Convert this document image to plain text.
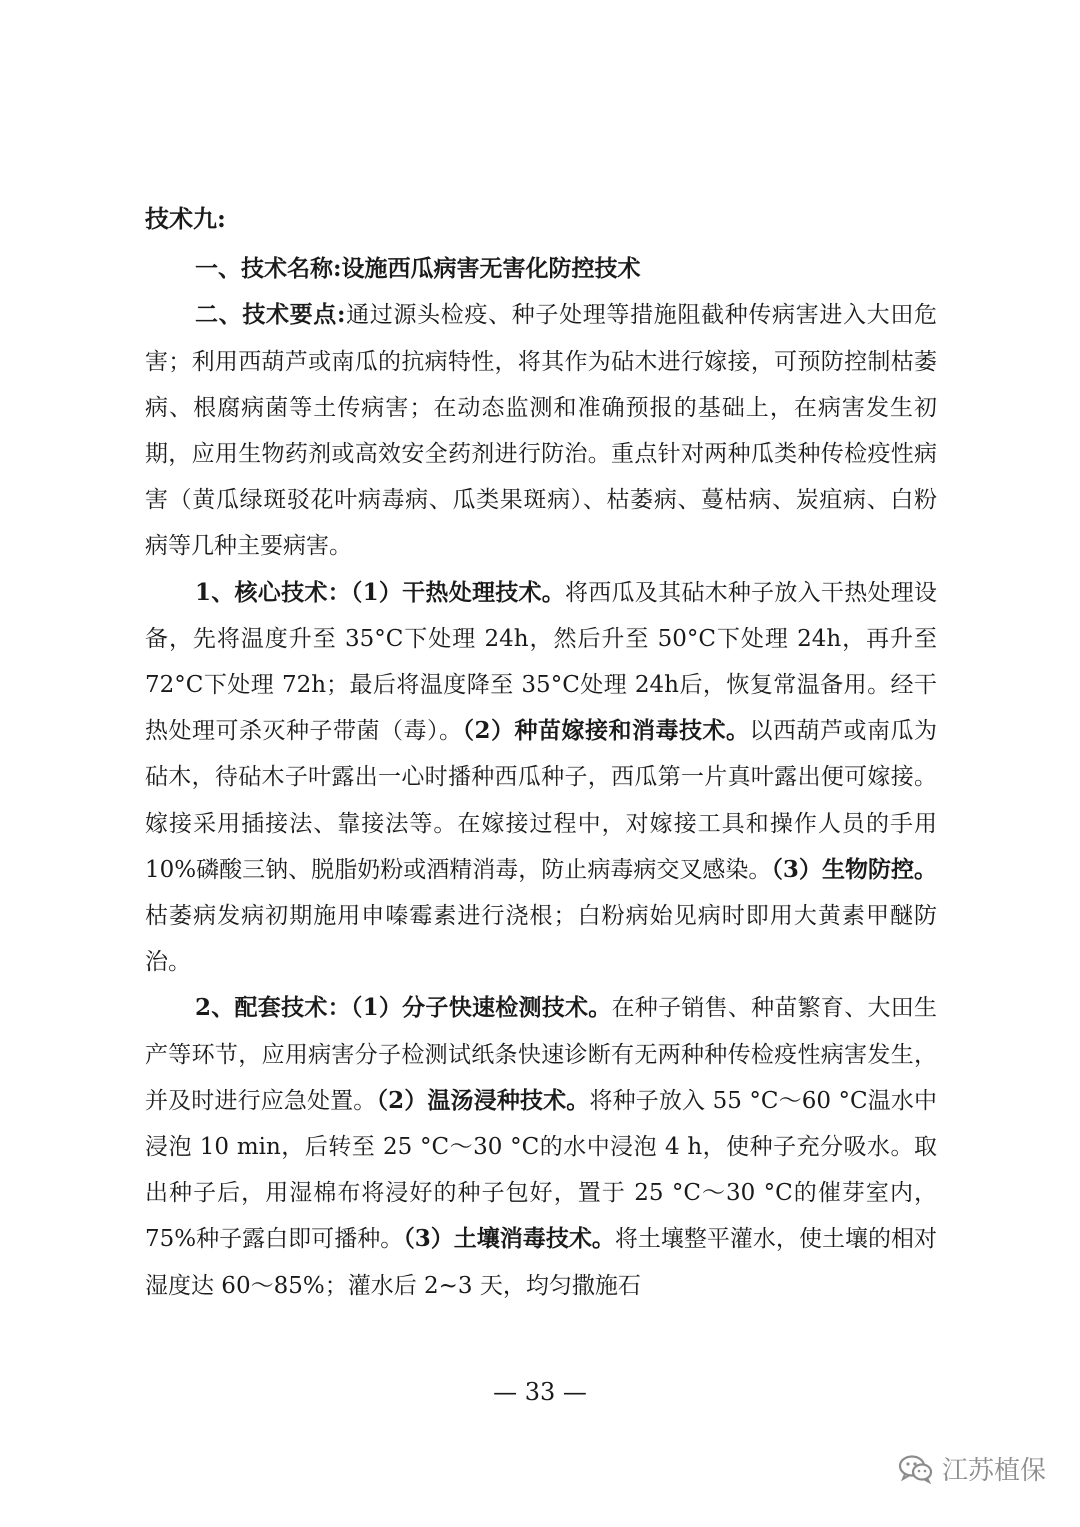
技术九:

一、技术名称:设施西瓜病害无害化防控技术

二、技术要点:通过源头检疫、种子处理等措施阻截种传病害进入大田危害；利用西葫芦或南瓜的抗病特性，将其作为砧木进行嫁接，可预防控制枯萎病、根腐病菌等土传病害；在动态监测和准确预报的基础上，在病害发生初期，应用生物药剂或高效安全药剂进行防治。重点针对两种瓜类种传检疫性病害（黄瓜绿斑驳花叶病毒病、瓜类果斑病）、枯萎病、蔓枯病、炭疽病、白粉病等几种主要病害。

1、核心技术：（1）干热处理技术。将西瓜及其砧木种子放入干热处理设备，先将温度升至 35°C下处理 24h，然后升至 50°C下处理 24h，再升至 72°C下处理 72h；最后将温度降至 35°C处理 24h后，恢复常温备用。经干热处理可杀灭种子带菌（毒）。（2）种苗嫁接和消毒技术。以西葫芦或南瓜为砧木，待砧木子叶露出一心时播种西瓜种子，西瓜第一片真叶露出便可嫁接。嫁接采用插接法、靠接法等。在嫁接过程中，对嫁接工具和操作人员的手用 10%磷酸三钠、脱脂奶粉或酒精消毒，防止病毒病交叉感染。（3）生物防控。枯萎病发病初期施用申嗪霉素进行浇根；白粉病始见病时即用大黄素甲醚防治。

2、配套技术：（1）分子快速检测技术。在种子销售、种苗繁育、大田生产等环节，应用病害分子检测试纸条快速诊断有无两种种传检疫性病害发生，并及时进行应急处置。（2）温汤浸种技术。将种子放入 55 °C～60 °C温水中浸泡 10 min，后转至 25 °C～30 °C的水中浸泡 4 h，使种子充分吸水。取出种子后，用湿棉布将浸好的种子包好，置于 25 °C～30 °C的催芽室内，75%种子露白即可播种。（3）土壤消毒技术。将土壤整平灌水，使土壤的相对湿度达 60～85%；灌水后 2~3 天，均匀撒施石

— 33 —
江苏植保
